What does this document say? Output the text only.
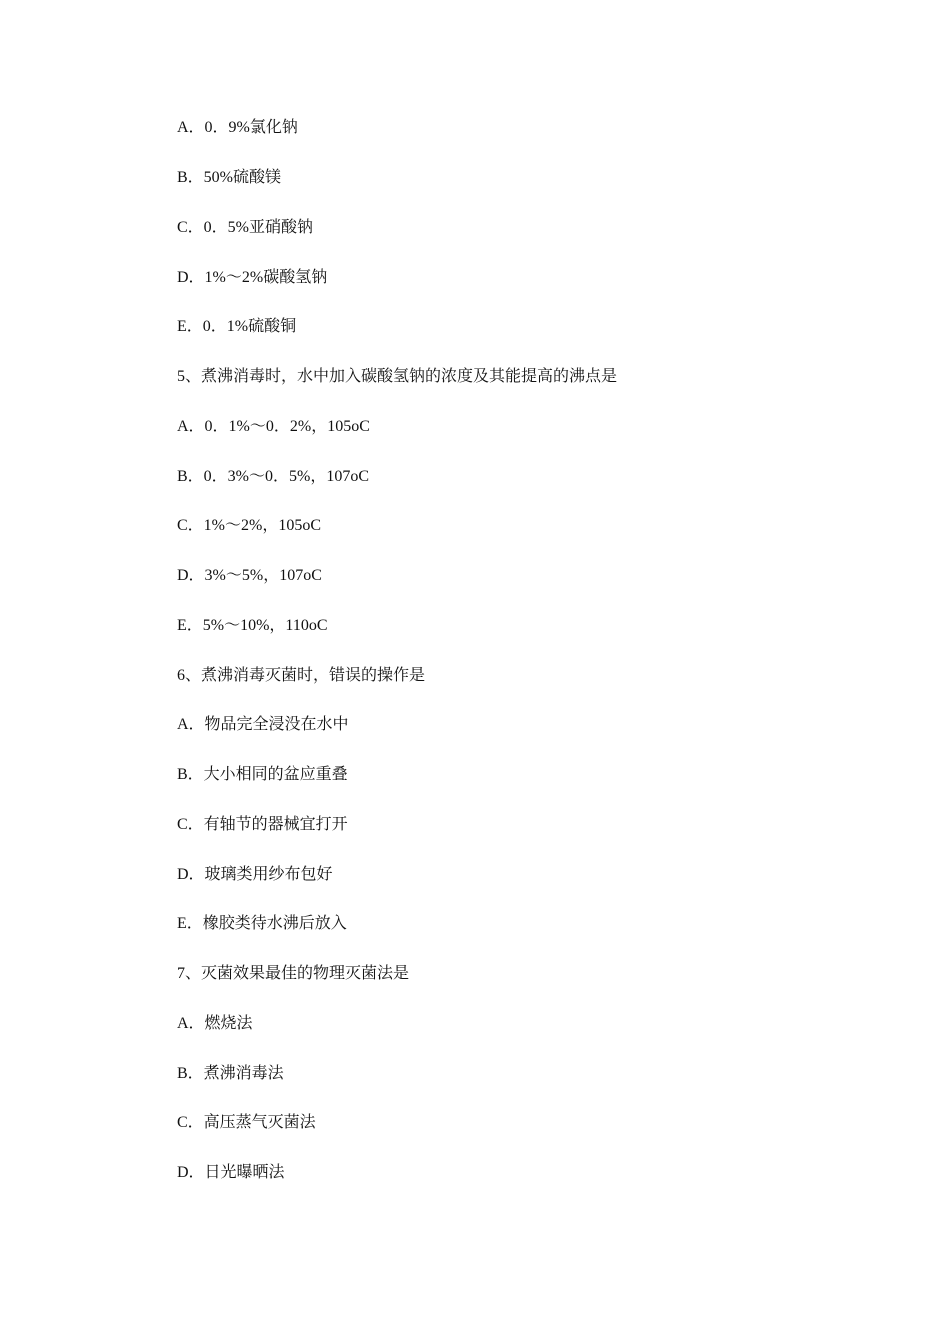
A．0．9%氯化钠
B．50%硫酸镁
C．0．5%亚硝酸钠
D．1%～2%碳酸氢钠
E．0．1%硫酸铜
5、煮沸消毒时，水中加入碳酸氢钠的浓度及其能提高的沸点是
A．0．1%～0．2%，105oC
B．0．3%～0．5%，107oC
C．1%～2%，105oC
D．3%～5%，107oC
E．5%～10%，110oC
6、煮沸消毒灭菌时，错误的操作是
A．物品完全浸没在水中
B．大小相同的盆应重叠
C．有轴节的器械宜打开
D．玻璃类用纱布包好
E．橡胶类待水沸后放入
7、灭菌效果最佳的物理灭菌法是
A．燃烧法
B．煮沸消毒法
C．高压蒸气灭菌法
D．日光曝晒法
